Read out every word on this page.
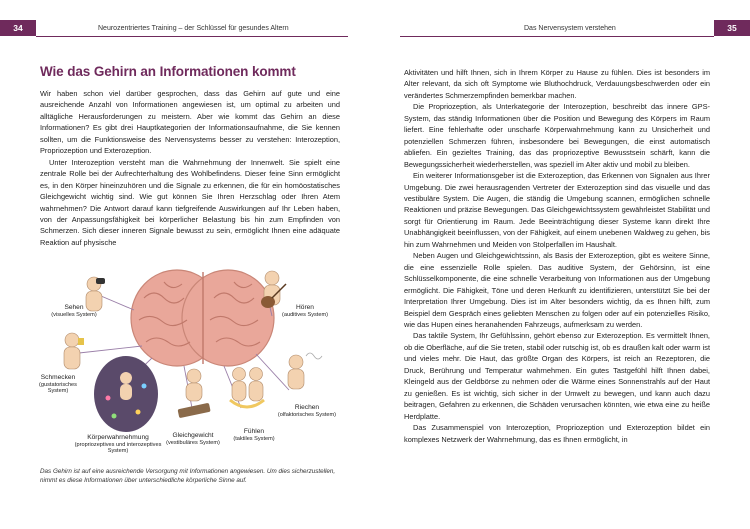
34	Neurozentriertes Training – der Schlüssel für gesundes Altern	Das Nervensystem verstehen	35
Wie das Gehirn an Informationen kommt

Wir haben schon viel darüber gesprochen, dass das Gehirn auf gute und eine ausreichende Anzahl von Informationen angewiesen ist, um optimal zu arbeiten und alltägliche Herausforderungen zu meistern. Aber wie kommt das Gehirn an diese Informationen? Es gibt drei Hauptkategorien der Informationsaufnahme, die Sie kennen sollten, um die Funktionsweise des Nervensystems besser zu verstehen: Interozeption, Propriozeption und Exterozeption.

Unter Interozeption versteht man die Wahrnehmung der Innenwelt. Sie spielt eine zentrale Rolle bei der Aufrechterhaltung des Wohlbefindens. Dieser feine Sinn ermöglicht es, in den Körper hineinzuhören und die Signale zu erkennen, die für ein homöostatisches Gleichgewicht wichtig sind. Wie gut können Sie Ihren Herzschlag oder Ihren Atem wahrnehmen? Die Antwort darauf kann tiefgreifende Auswirkungen auf Ihr Leben haben, von der Anpassungsfähigkeit bei körperlicher Belastung bis hin zum Empfinden von Schmerzen. Sich dieser inneren Signale bewusst zu sein, ermöglicht Ihnen eine adäquate Reaktion auf physische

Sehen
(visuelles System)
Hören
(auditives System)
Schmecken
(gustatorisches System)
Riechen
(olfaktorisches System)
Körperwahrnehmung
(propriozeptives und interozeptives System)
Gleichgewicht
(vestibuläres System)
Fühlen
(taktiles System)
Das Gehirn ist auf eine ausreichende Versorgung mit Informationen angewiesen. Um dies sicherzustellen, nimmt es diese Informationen über unterschiedliche körperliche Sinne auf.

Aktivitäten und hilft Ihnen, sich in Ihrem Körper zu Hause zu fühlen. Dies ist besonders im Alter relevant, da sich oft Symptome wie Bluthochdruck, Verdauungsbeschwerden oder ein verändertes Schmerzempfinden bemerkbar machen.

Die Propriozeption, als Unterkategorie der Interozeption, beschreibt das innere GPS-System, das ständig Informationen über die Position und Bewegung des Körpers im Raum liefert. Eine fehlerhafte oder unscharfe Körperwahrnehmung kann zu Unsicherheit und potenziellen Schmerzen führen, insbesondere bei Bewegungen, die einst automatisch abliefen. Ein gezieltes Training, das das propriozeptive Bewusstsein schärft, kann die Bewegungssicherheit wiederherstellen, was speziell im Alter aktiv und mobil zu bleiben.

Ein weiterer Informationsgeber ist die Exterozeption, das Erkennen von Signalen aus Ihrer Umgebung. Die zwei herausragenden Vertreter der Exterozeption sind das visuelle und das vestibuläre System. Die Augen, die ständig die Umgebung scannen, ermöglichen schnelle Reaktionen und präzise Bewegungen. Das Gleichgewichtssystem gewährleistet Stabilität und sorgt für Orientierung im Raum. Jede Beeinträchtigung dieser Systeme kann direkt Ihre Unabhängigkeit beeinflussen, von der Fähigkeit, auf einem unebenen Waldweg zu gehen, bis hin zum Wahrnehmen und Meiden von Stolperfallen im Haushalt.

Neben Augen und Gleichgewichtssinn, als Basis der Exterozeption, gibt es weitere Sinne, die eine essenzielle Rolle spielen. Das auditive System, der Gehörsinn, ist eine Schlüsselkomponente, die eine schnelle Verarbeitung von Informationen aus der Umgebung ermöglicht. Die Fähigkeit, Töne und deren Herkunft zu identifizieren, unterstützt Sie bei der Interpretation Ihrer Umgebung. Dies ist im Alter besonders wichtig, da es Ihnen hilft, zum Beispiel dem Gespräch eines geliebten Menschen zu folgen oder auf ein potenzielles Risiko, wie das Hupen eines heranahenden Fahrzeugs, aufmerksam zu werden.

Das taktile System, Ihr Gefühlssinn, gehört ebenso zur Exterozeption. Es vermittelt Ihnen, ob die Oberfläche, auf die Sie treten, stabil oder rutschig ist, ob es draußen kalt oder warm ist und vieles mehr. Die Haut, das größte Organ des Körpers, ist reich an Rezeptoren, die Druck, Berührung und Temperatur wahrnehmen. Ein gutes Tastgefühl hilft Ihnen dabei, Kleingeld aus der Geldbörse zu nehmen oder die Wärme eines Sonnenstrahls auf der Haut zu genießen. Es ist wichtig, sich sicher in der Umwelt zu bewegen, und kann auch dazu beitragen, Gefahren zu erkennen, die Schäden verursachen könnten, wie etwa eine zu heiße Herdplatte.

Das Zusammenspiel von Interozeption, Propriozeption und Exterozeption bildet ein komplexes Netzwerk der Wahrnehmung, das es Ihnen ermöglicht, in
